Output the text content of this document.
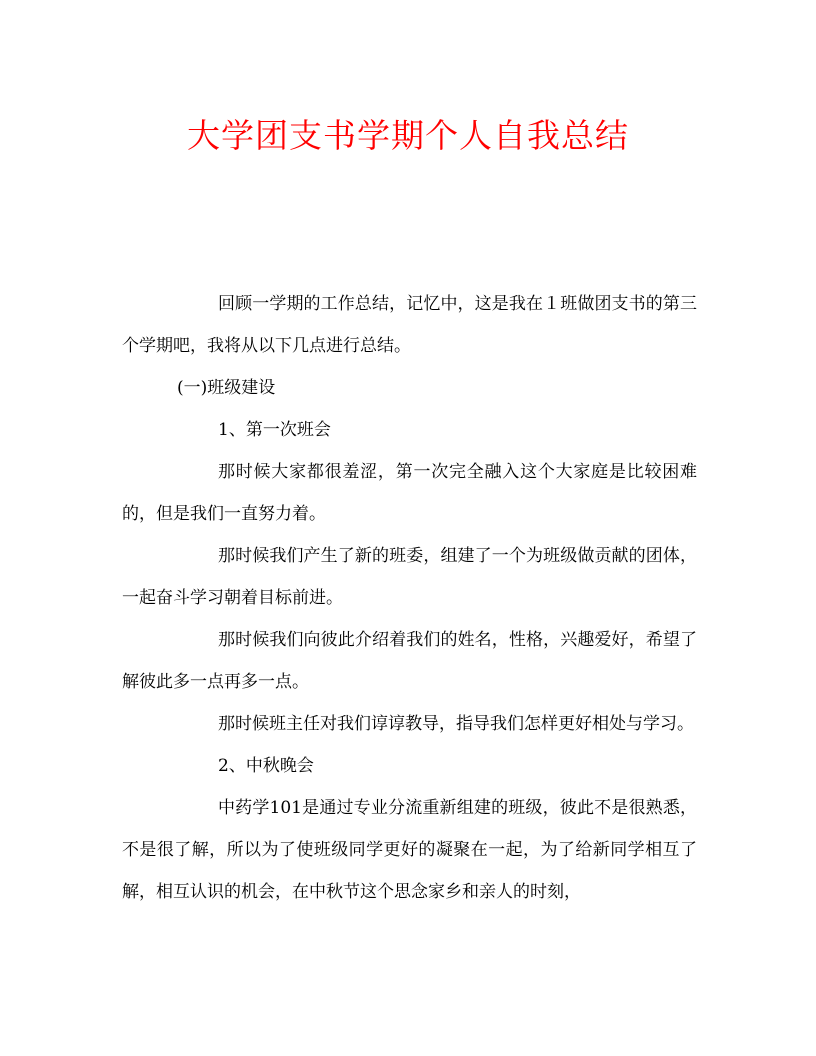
大学团支书学期个人自我总结

回顾一学期的工作总结，记忆中，这是我在１班做团支书的第三个学期吧，我将从以下几点进行总结。

(一)班级建设

1、第一次班会

那时候大家都很羞涩，第一次完全融入这个大家庭是比较困难的，但是我们一直努力着。

那时候我们产生了新的班委，组建了一个为班级做贡献的团体，一起奋斗学习朝着目标前进。

那时候我们向彼此介绍着我们的姓名，性格，兴趣爱好，希望了解彼此多一点再多一点。

那时候班主任对我们谆谆教导，指导我们怎样更好相处与学习。

2、中秋晚会

中药学101是通过专业分流重新组建的班级，彼此不是很熟悉，不是很了解，所以为了使班级同学更好的凝聚在一起，为了给新同学相互了解，相互认识的机会，在中秋节这个思念家乡和亲人的时刻，
